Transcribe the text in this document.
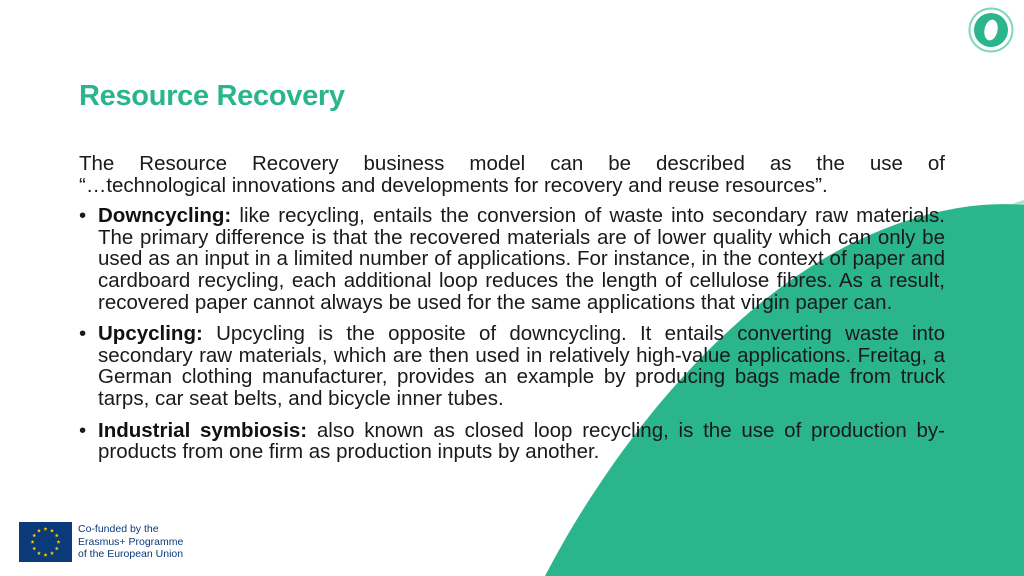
Resource Recovery

The Resource Recovery business model can be described as the use of
“…technological innovations and developments for recovery and reuse resources”.

• Downcycling: like recycling, entails the conversion of waste into secondary raw materials. The primary difference is that the recovered materials are of lower quality which can only be used as an input in a limited number of applications. For instance, in the context of paper and cardboard recycling, each additional loop reduces the length of cellulose fibres. As a result, recovered paper cannot always be used for the same applications that virgin paper can.
• Upcycling: Upcycling is the opposite of downcycling. It entails converting waste into secondary raw materials, which are then used in relatively high-value applications. Freitag, a German clothing manufacturer, provides an example by producing bags made from truck tarps, car seat belts, and bicycle inner tubes.
• Industrial symbiosis: also known as closed loop recycling, is the use of production by-products from one firm as production inputs by another.
Co-funded by the
Erasmus+ Programme
of the European Union
